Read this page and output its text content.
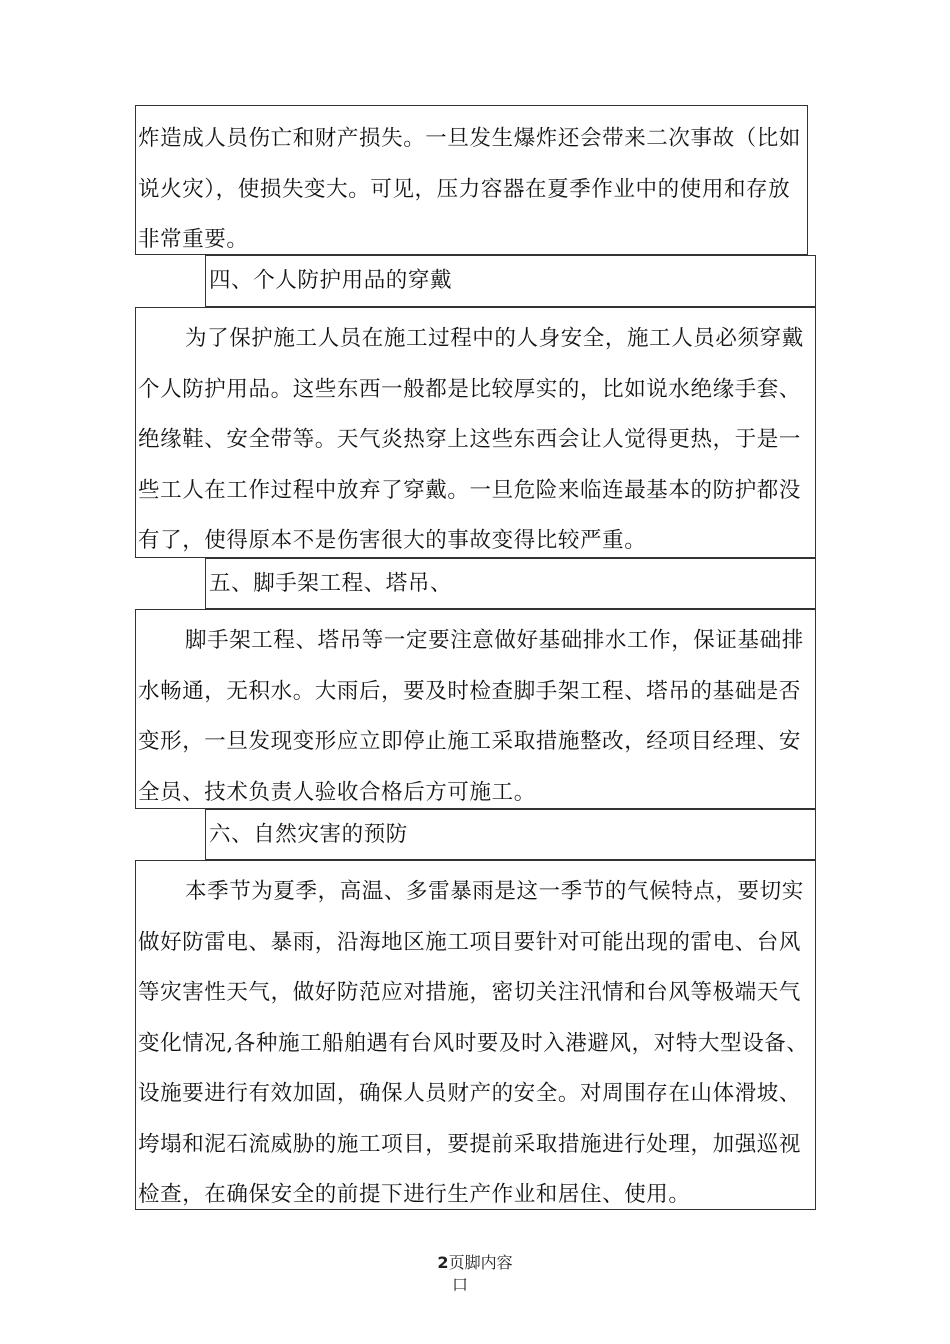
炸造成人员伤亡和财产损失。一旦发生爆炸还会带来二次事故（比如
说火灾），使损失变大。可见，压力容器在夏季作业中的使用和存放
非常重要。
四、个人防护用品的穿戴
为了保护施工人员在施工过程中的人身安全，施工人员必须穿戴
个人防护用品。这些东西一般都是比较厚实的，比如说水绝缘手套、
绝缘鞋、安全带等。天气炎热穿上这些东西会让人觉得更热，于是一
些工人在工作过程中放弃了穿戴。一旦危险来临连最基本的防护都没
有了，使得原本不是伤害很大的事故变得比较严重。
五、脚手架工程、塔吊、
脚手架工程、塔吊等一定要注意做好基础排水工作，保证基础排
水畅通，无积水。大雨后，要及时检查脚手架工程、塔吊的基础是否
变形，一旦发现变形应立即停止施工采取措施整改，经项目经理、安
全员、技术负责人验收合格后方可施工。
六、自然灾害的预防
本季节为夏季，高温、多雷暴雨是这一季节的气候特点，要切实
做好防雷电、暴雨，沿海地区施工项目要针对可能出现的雷电、台风
等灾害性天气，做好防范应对措施，密切关注汛情和台风等极端天气
变化情况,各种施工船舶遇有台风时要及时入港避风，对特大型设备、
设施要进行有效加固，确保人员财产的安全。对周围存在山体滑坡、
垮塌和泥石流威胁的施工项目，要提前采取措施进行处理，加强巡视
检查，在确保安全的前提下进行生产作业和居住、使用。
2页脚内容
口
